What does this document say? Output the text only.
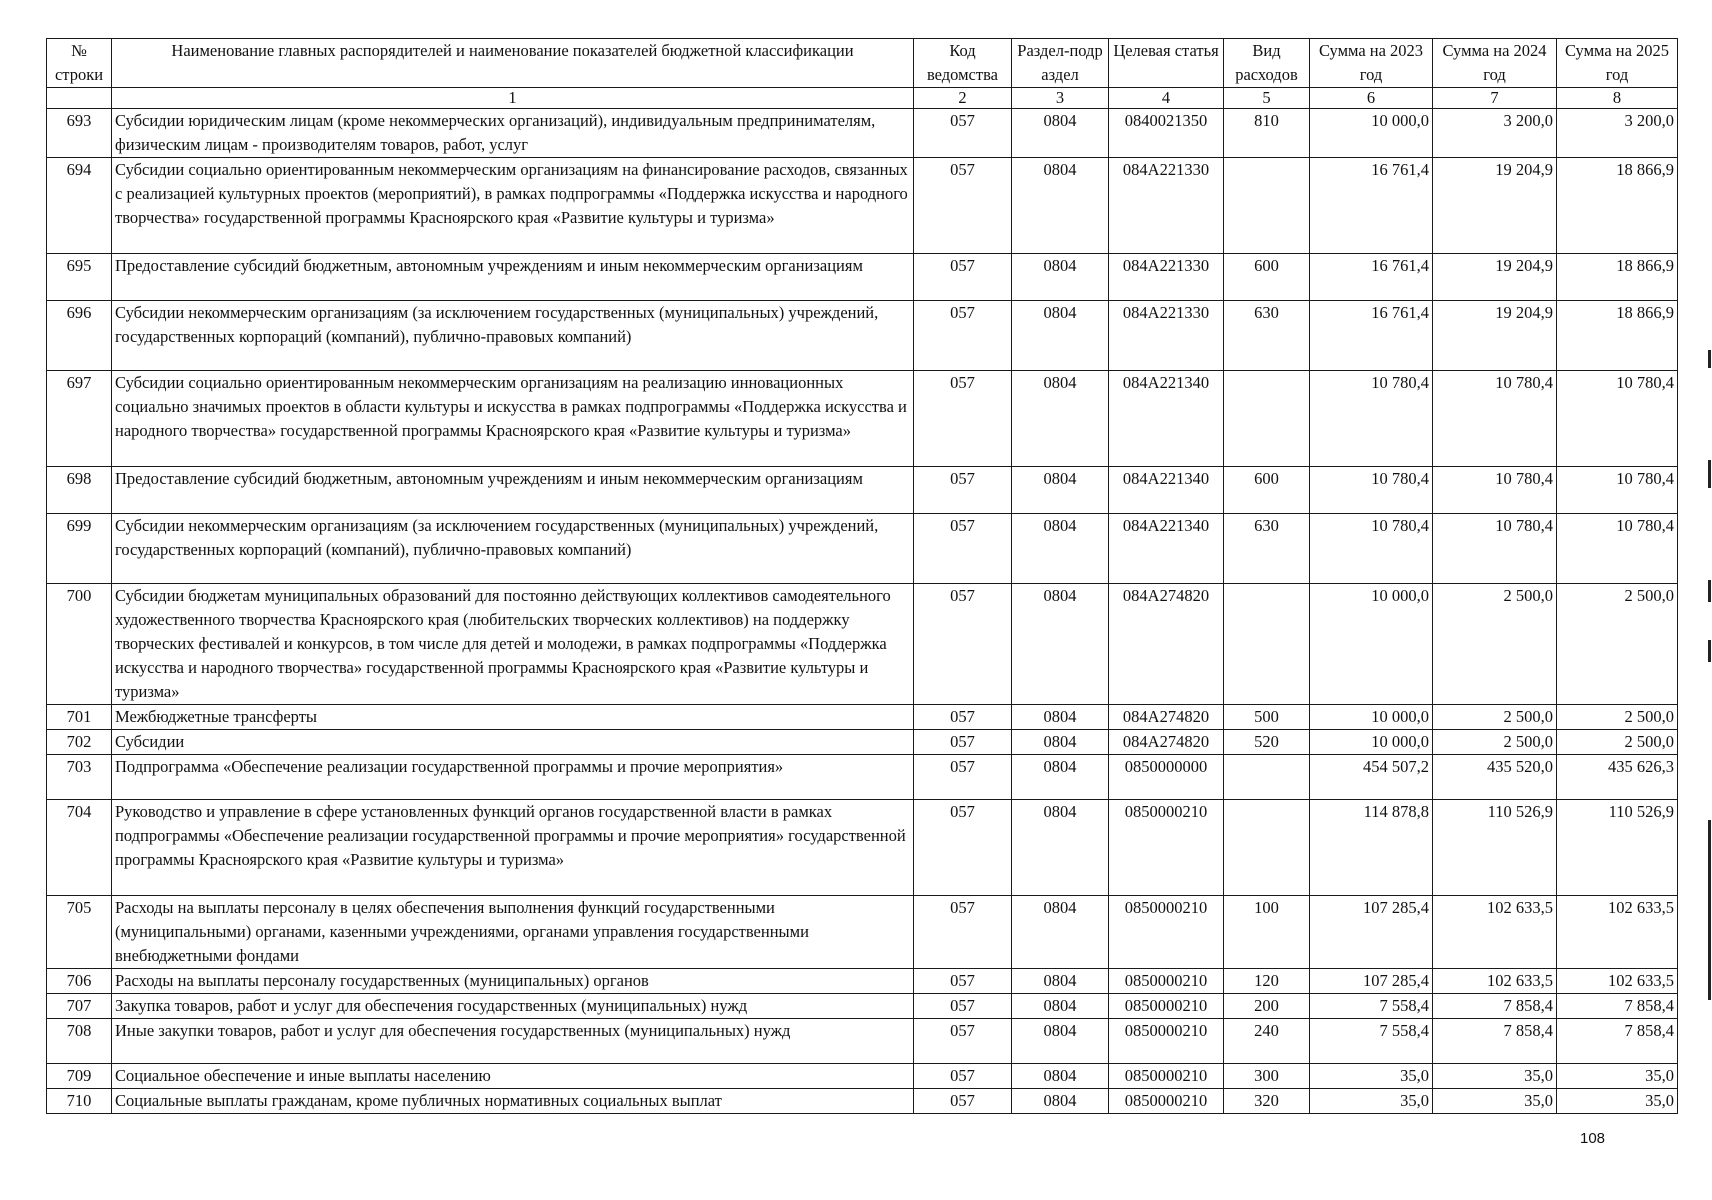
№ строки	Наименование главных распорядителей и наименование показателей бюджетной классификации	Код ведомства	Раздел-подраздел	Целевая статья	Вид расходов	Сумма на 2023 год	Сумма на 2024 год	Сумма на 2025 год
	1	2	3	4	5	6	7	8
693	Субсидии юридическим лицам (кроме некоммерческих организаций), индивидуальным предпринимателям, физическим лицам - производителям товаров, работ, услуг	057	0804	0840021350	810	10 000,0	3 200,0	3 200,0
694	Субсидии социально ориентированным некоммерческим организациям на финансирование расходов, связанных с реализацией культурных проектов (мероприятий), в рамках подпрограммы «Поддержка искусства и народного творчества» государственной программы Красноярского края «Развитие культуры и туризма»	057	0804	084А221330		16 761,4	19 204,9	18 866,9
695	Предоставление субсидий бюджетным, автономным учреждениям и иным некоммерческим организациям	057	0804	084А221330	600	16 761,4	19 204,9	18 866,9
696	Субсидии некоммерческим организациям (за исключением государственных (муниципальных) учреждений, государственных корпораций (компаний), публично-правовых компаний)	057	0804	084А221330	630	16 761,4	19 204,9	18 866,9
697	Субсидии социально ориентированным некоммерческим организациям на реализацию инновационных социально значимых проектов в области культуры и искусства в рамках подпрограммы «Поддержка искусства и народного творчества» государственной программы Красноярского края «Развитие культуры и туризма»	057	0804	084А221340		10 780,4	10 780,4	10 780,4
698	Предоставление субсидий бюджетным, автономным учреждениям и иным некоммерческим организациям	057	0804	084А221340	600	10 780,4	10 780,4	10 780,4
699	Субсидии некоммерческим организациям (за исключением государственных (муниципальных) учреждений, государственных корпораций (компаний), публично-правовых компаний)	057	0804	084А221340	630	10 780,4	10 780,4	10 780,4
700	Субсидии бюджетам муниципальных образований для постоянно действующих коллективов самодеятельного художественного творчества Красноярского края (любительских творческих коллективов) на поддержку творческих фестивалей и конкурсов, в том числе для детей и молодежи, в рамках подпрограммы «Поддержка искусства и народного творчества» государственной программы Красноярского края «Развитие культуры и туризма»	057	0804	084А274820		10 000,0	2 500,0	2 500,0
701	Межбюджетные трансферты	057	0804	084А274820	500	10 000,0	2 500,0	2 500,0
702	Субсидии	057	0804	084А274820	520	10 000,0	2 500,0	2 500,0
703	Подпрограмма «Обеспечение реализации государственной программы и прочие мероприятия»	057	0804	0850000000		454 507,2	435 520,0	435 626,3
704	Руководство и управление в сфере установленных функций органов государственной власти в рамках подпрограммы «Обеспечение реализации государственной программы и прочие мероприятия» государственной программы Красноярского края «Развитие культуры и туризма»	057	0804	0850000210		114 878,8	110 526,9	110 526,9
705	Расходы на выплаты персоналу в целях обеспечения выполнения функций государственными (муниципальными) органами, казенными учреждениями, органами управления государственными внебюджетными фондами	057	0804	0850000210	100	107 285,4	102 633,5	102 633,5
706	Расходы на выплаты персоналу государственных (муниципальных) органов	057	0804	0850000210	120	107 285,4	102 633,5	102 633,5
707	Закупка товаров, работ и услуг для обеспечения государственных (муниципальных) нужд	057	0804	0850000210	200	7 558,4	7 858,4	7 858,4
708	Иные закупки товаров, работ и услуг для обеспечения государственных (муниципальных) нужд	057	0804	0850000210	240	7 558,4	7 858,4	7 858,4
709	Социальное обеспечение и иные выплаты населению	057	0804	0850000210	300	35,0	35,0	35,0
710	Социальные выплаты гражданам, кроме публичных нормативных социальных выплат	057	0804	0850000210	320	35,0	35,0	35,0
108
